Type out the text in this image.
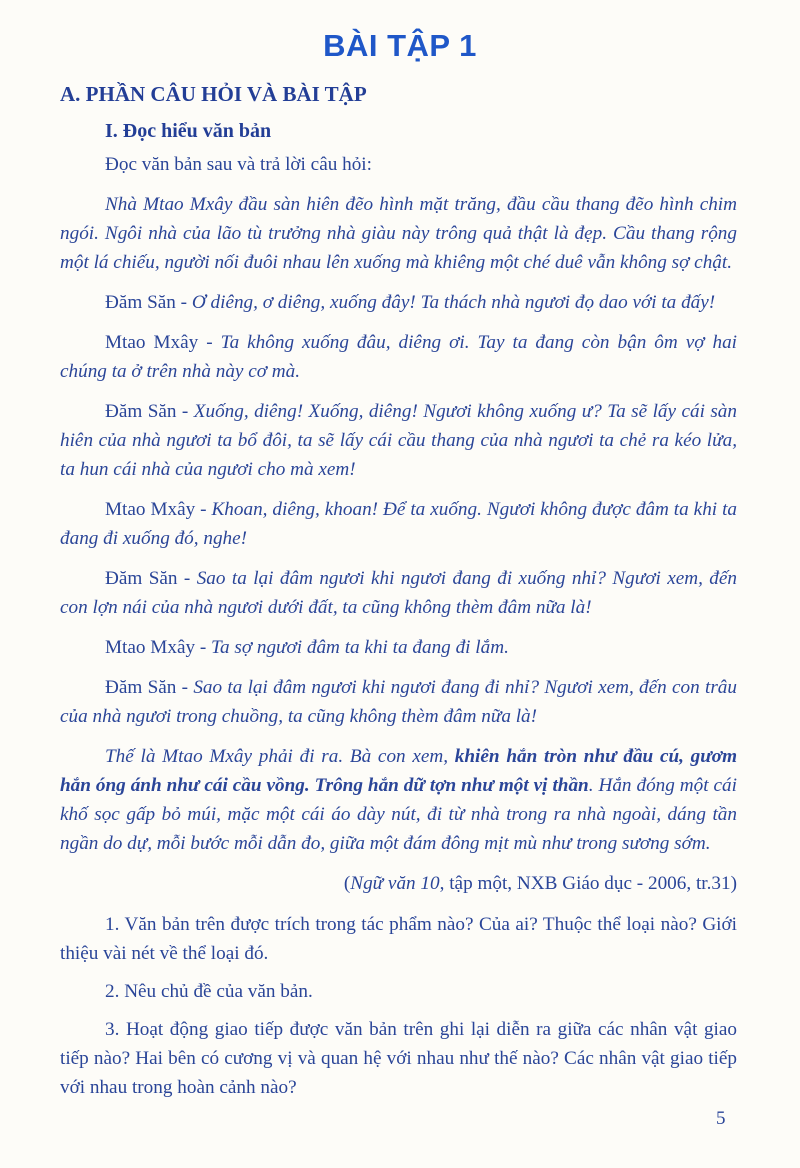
BÀI TẬP 1
A. PHẦN CÂU HỎI VÀ BÀI TẬP
I. Đọc hiểu văn bản

Đọc văn bản sau và trả lời câu hỏi:

Nhà Mtao Mxây đầu sàn hiên đẽo hình mặt trăng, đầu cầu thang đẽo hình chim ngói. Ngôi nhà của lão tù trưởng nhà giàu này trông quả thật là đẹp. Cầu thang rộng một lá chiếu, người nối đuôi nhau lên xuống mà khiêng một ché duê vẫn không sợ chật.

Đăm Săn - Ơ diêng, ơ diêng, xuống đây! Ta thách nhà ngươi đọ dao với ta đấy!

Mtao Mxây - Ta không xuống đâu, diêng ơi. Tay ta đang còn bận ôm vợ hai chúng ta ở trên nhà này cơ mà.

Đăm Săn - Xuống, diêng! Xuống, diêng! Ngươi không xuống ư? Ta sẽ lấy cái sàn hiên của nhà ngươi ta bổ đôi, ta sẽ lấy cái cầu thang của nhà ngươi ta chẻ ra kéo lửa, ta hun cái nhà của ngươi cho mà xem!

Mtao Mxây - Khoan, diêng, khoan! Để ta xuống. Ngươi không được đâm ta khi ta đang đi xuống đó, nghe!

Đăm Săn - Sao ta lại đâm ngươi khi ngươi đang đi xuống nhỉ? Ngươi xem, đến con lợn nái của nhà ngươi dưới đất, ta cũng không thèm đâm nữa là!

Mtao Mxây - Ta sợ ngươi đâm ta khi ta đang đi lắm.

Đăm Săn - Sao ta lại đâm ngươi khi ngươi đang đi nhỉ? Ngươi xem, đến con trâu của nhà ngươi trong chuồng, ta cũng không thèm đâm nữa là!

Thế là Mtao Mxây phải đi ra. Bà con xem, khiên hắn tròn như đầu cú, gươm hắn óng ánh như cái cầu vồng. Trông hắn dữ tợn như một vị thần. Hắn đóng một cái khố sọc gấp bỏ múi, mặc một cái áo dày nút, đi từ nhà trong ra nhà ngoài, dáng tần ngần do dự, mỗi bước mỗi dẫn đo, giữa một đám đông mịt mù như trong sương sớm.

(Ngữ văn 10, tập một, NXB Giáo dục - 2006, tr.31)

1. Văn bản trên được trích trong tác phẩm nào? Của ai? Thuộc thể loại nào? Giới thiệu vài nét về thể loại đó.

2. Nêu chủ đề của văn bản.

3. Hoạt động giao tiếp được văn bản trên ghi lại diễn ra giữa các nhân vật giao tiếp nào? Hai bên có cương vị và quan hệ với nhau như thế nào? Các nhân vật giao tiếp với nhau trong hoàn cảnh nào?

5
